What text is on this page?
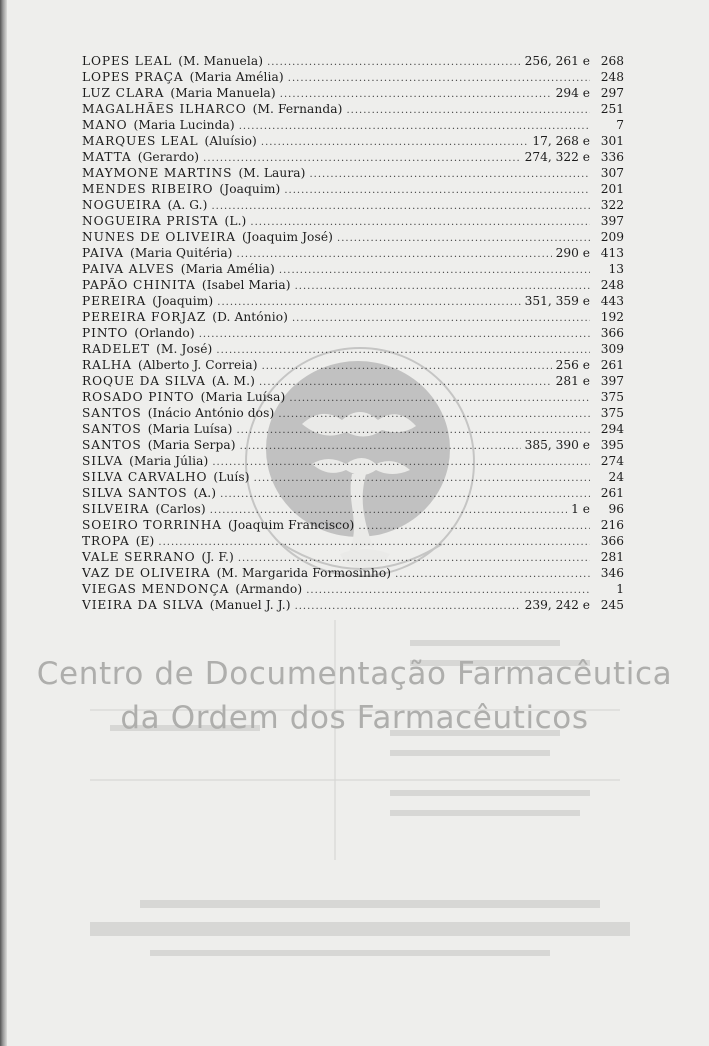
LOPES LEAL (M. Manuela) .....	256, 261 e 268
LOPES PRAÇA (Maria Amélia) .....	248
LUZ CLARA (Maria Manuela) .....	294 e 297
MAGALHÃES ILHARCO (M. Fernanda) .....	251
MANO (Maria Lucinda) .....	7
MARQUES LEAL (Aluísio) .....	17, 268 e 301
MATTA (Gerardo) .....	274, 322 e 336
MAYMONE MARTINS (M. Laura) .....	307
MENDES RIBEIRO (Joaquim) .....	201
NOGUEIRA (A. G.) .....	322
NOGUEIRA PRISTA (L.) .....	397
NUNES DE OLIVEIRA (Joaquim José) .....	209
PAIVA (Maria Quitéria) .....	290 e 413
PAIVA ALVES (Maria Amélia) .....	13
PAPÃO CHINITA (Isabel Maria) .....	248
PEREIRA (Joaquim) .....	351, 359 e 443
PEREIRA FORJAZ (D. António) .....	192
PINTO (Orlando) .....	366
RADELET (M. José) .....	309
RALHA (Alberto J. Correia) .....	256 e 261
ROQUE DA SILVA (A. M.) .....	281 e 397
ROSADO PINTO (Maria Luísa) .....	375
SANTOS (Inácio António dos) .....	375
SANTOS (Maria Luísa) .....	294
SANTOS (Maria Serpa) .....	385, 390 e 395
SILVA (Maria Júlia) .....	274
SILVA CARVALHO (Luís) .....	24
SILVA SANTOS (A.) .....	261
SILVEIRA (Carlos) .....	1 e	96
SOEIRO TORRINHA (Joaquim Francisco) .....	216
TROPA (E) .....	366
VALE SERRANO (J. F.) .....	281
VAZ DE OLIVEIRA (M. Margarida Formosinho) .....	346
VIEGAS MENDONÇA (Armando) .....	1
VIEIRA DA SILVA (Manuel J. J.) .....	239, 242 e 245
Centro de Documentação Farmacêutica
da Ordem dos Farmacêuticos
